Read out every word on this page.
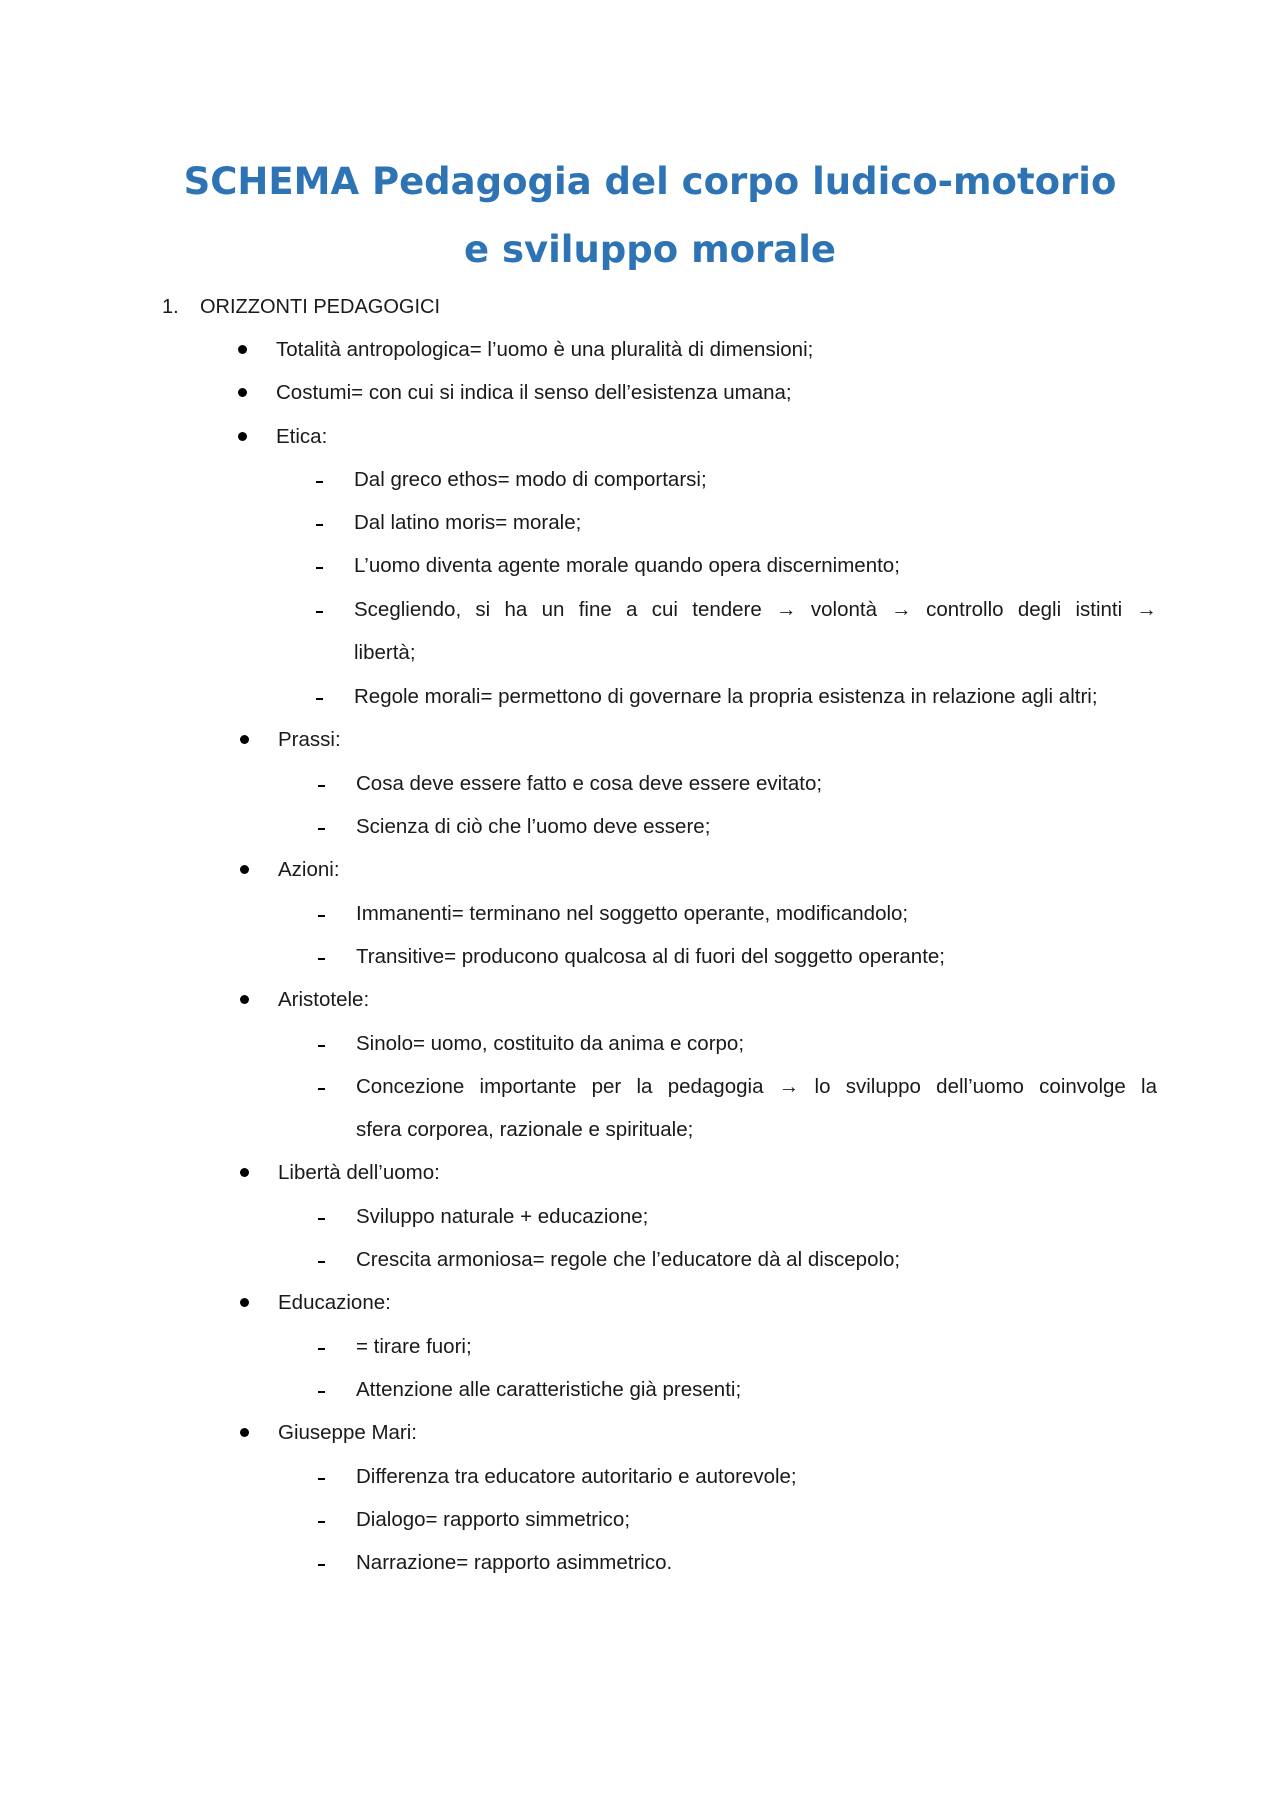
SCHEMA Pedagogia del corpo ludico-motorio
e sviluppo morale
1. ORIZZONTI PEDAGOGICI
Totalità antropologica= l’uomo è una pluralità di dimensioni;
Costumi= con cui si indica il senso dell’esistenza umana;
Etica:
Dal greco ethos= modo di comportarsi;
Dal latino moris= morale;
L’uomo diventa agente morale quando opera discernimento;
Scegliendo, si ha un fine a cui tendere → volontà → controllo degli istinti →
libertà;
Regole morali= permettono di governare la propria esistenza in relazione agli altri;
Prassi:
Cosa deve essere fatto e cosa deve essere evitato;
Scienza di ciò che l’uomo deve essere;
Azioni:
Immanenti= terminano nel soggetto operante, modificandolo;
Transitive= producono qualcosa al di fuori del soggetto operante;
Aristotele:
Sinolo= uomo, costituito da anima e corpo;
Concezione importante per la pedagogia → lo sviluppo dell’uomo coinvolge la
sfera corporea, razionale e spirituale;
Libertà dell’uomo:
Sviluppo naturale + educazione;
Crescita armoniosa= regole che l’educatore dà al discepolo;
Educazione:
= tirare fuori;
Attenzione alle caratteristiche già presenti;
Giuseppe Mari:
Differenza tra educatore autoritario e autorevole;
Dialogo= rapporto simmetrico;
Narrazione= rapporto asimmetrico.
